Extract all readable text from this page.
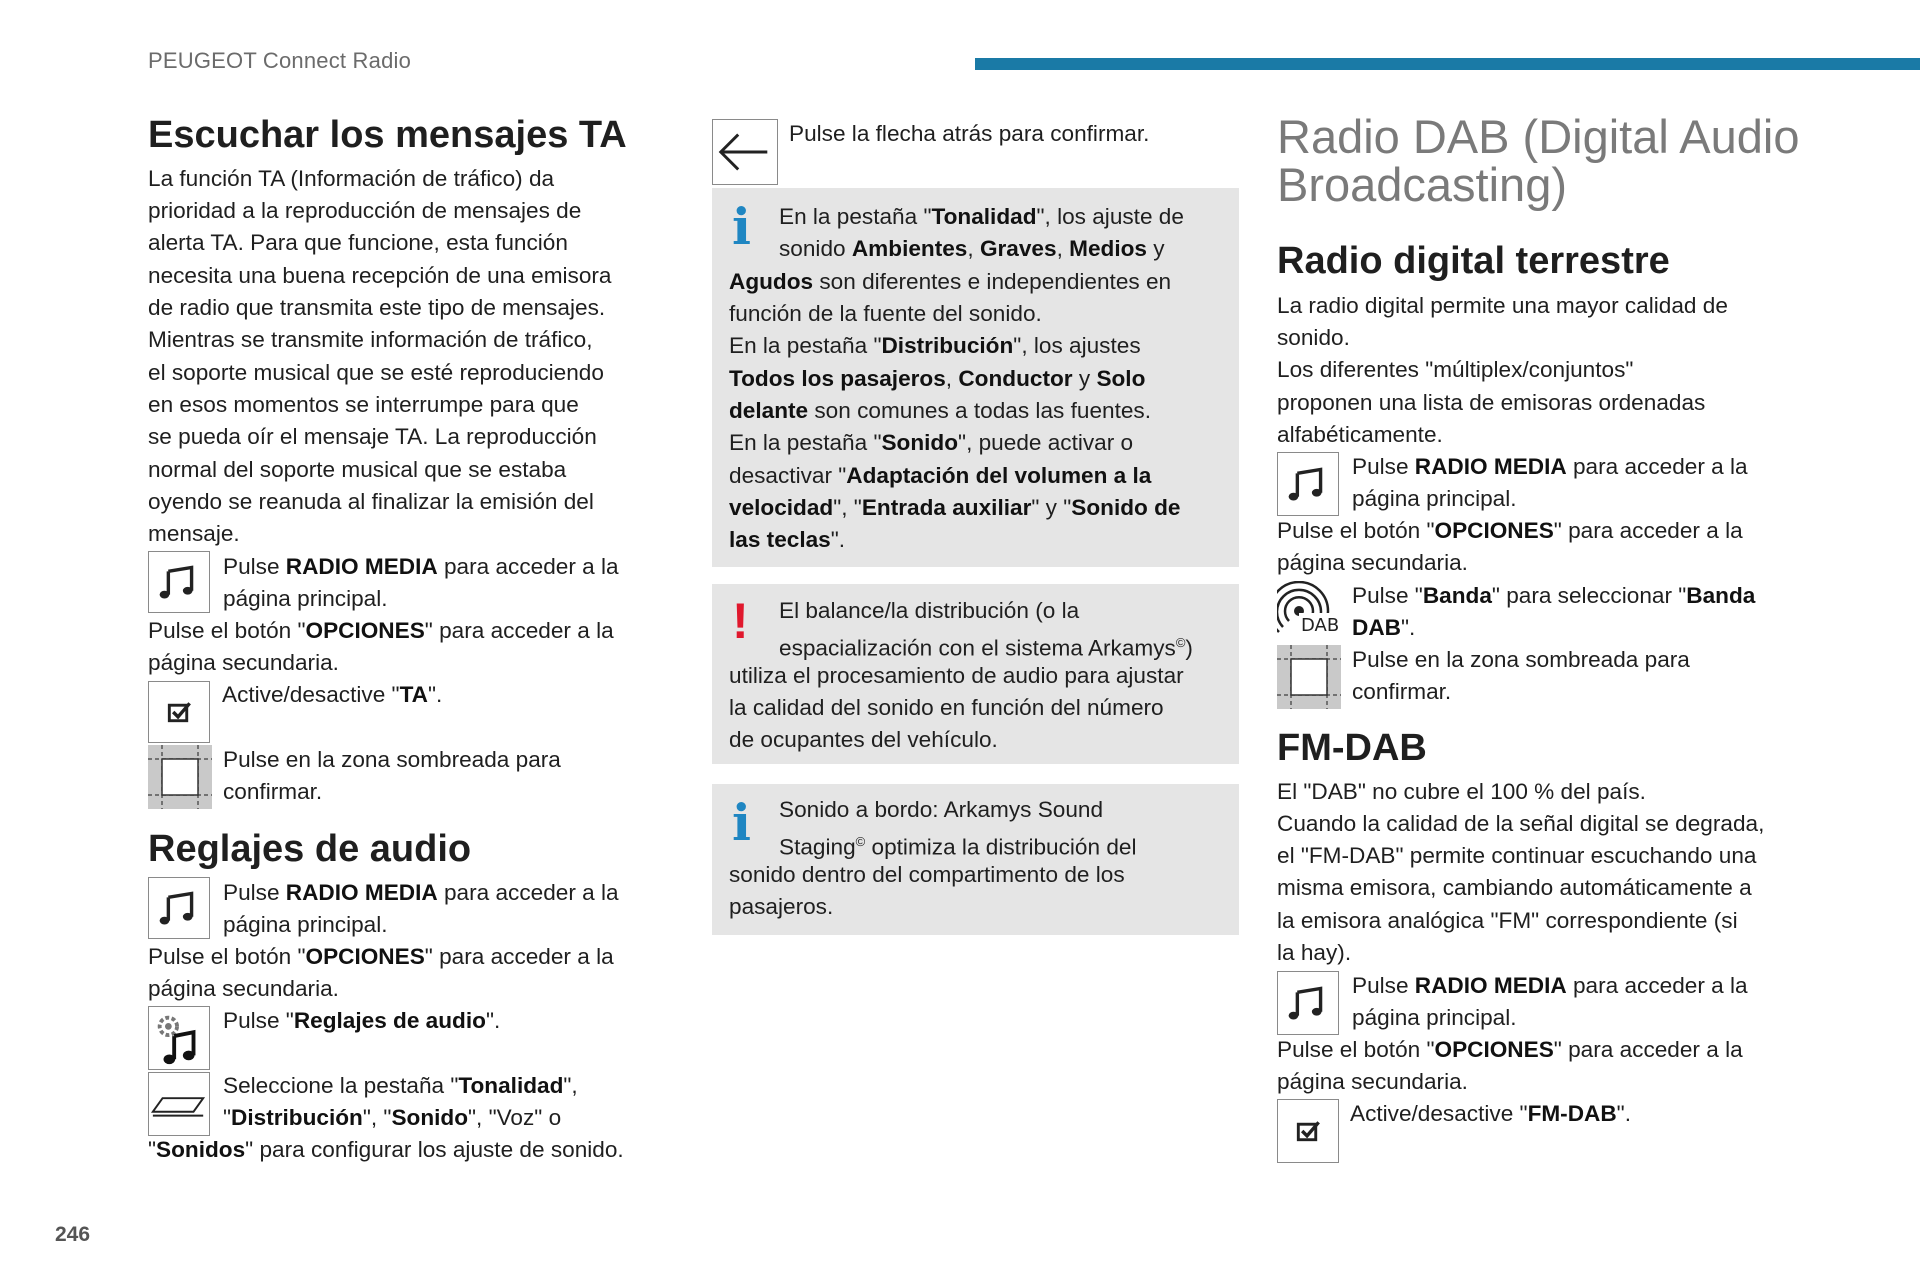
PEUGEOT Connect Radio
Escuchar los mensajes TA

La función TA (Información de tráfico) da

prioridad a la reproducción de mensajes de

alerta TA. Para que funcione, esta función

necesita una buena recepción de una emisora

de radio que transmita este tipo de mensajes.

Mientras se transmite información de tráfico,

el soporte musical que se esté reproduciendo

en esos momentos se interrumpe para que

se pueda oír el mensaje TA. La reproducción

normal del soporte musical que se estaba

oyendo se reanuda al finalizar la emisión del

mensaje.

Pulse RADIO MEDIA para acceder a la

página principal.

Pulse el botón "OPCIONES" para acceder a la

página secundaria.

Active/desactive "TA".

Pulse en la zona sombreada para

confirmar.

Reglajes de audio

Pulse RADIO MEDIA para acceder a la

página principal.

Pulse el botón "OPCIONES" para acceder a la

página secundaria.

Pulse "Reglajes de audio".

Seleccione la pestaña "Tonalidad",

"Distribución", "Sonido", "Voz" o

"Sonidos" para configurar los ajuste de sonido.

Pulse la flecha atrás para confirmar.

i En la pestaña "Tonalidad", los ajuste de

sonido Ambientes, Graves, Medios y

Agudos son diferentes e independientes en

función de la fuente del sonido.

En la pestaña "Distribución", los ajustes

Todos los pasajeros, Conductor y Solo

delante son comunes a todas las fuentes.

En la pestaña "Sonido", puede activar o

desactivar "Adaptación del volumen a la

velocidad", "Entrada auxiliar" y "Sonido de

las teclas".

! El balance/la distribución (o la

espacialización con el sistema Arkamys©)

utiliza el procesamiento de audio para ajustar

la calidad del sonido en función del número

de ocupantes del vehículo.

i Sonido a bordo: Arkamys Sound

Staging© optimiza la distribución del

sonido dentro del compartimento de los

pasajeros.

Radio DAB (Digital Audio
Broadcasting)
Radio digital terrestre

La radio digital permite una mayor calidad de

sonido.

Los diferentes "múltiplex/conjuntos"

proponen una lista de emisoras ordenadas

alfabéticamente.

Pulse RADIO MEDIA para acceder a la

página principal.

Pulse el botón "OPCIONES" para acceder a la

página secundaria.

DAB

Pulse "Banda" para seleccionar "Banda

DAB".

Pulse en la zona sombreada para

confirmar.

FM-DAB

El "DAB" no cubre el 100 % del país.

Cuando la calidad de la señal digital se degrada,

el "FM-DAB" permite continuar escuchando una

misma emisora, cambiando automáticamente a

la emisora analógica "FM" correspondiente (si

la hay).

Pulse RADIO MEDIA para acceder a la

página principal.

Pulse el botón "OPCIONES" para acceder a la

página secundaria.

Active/desactive "FM-DAB".

246
